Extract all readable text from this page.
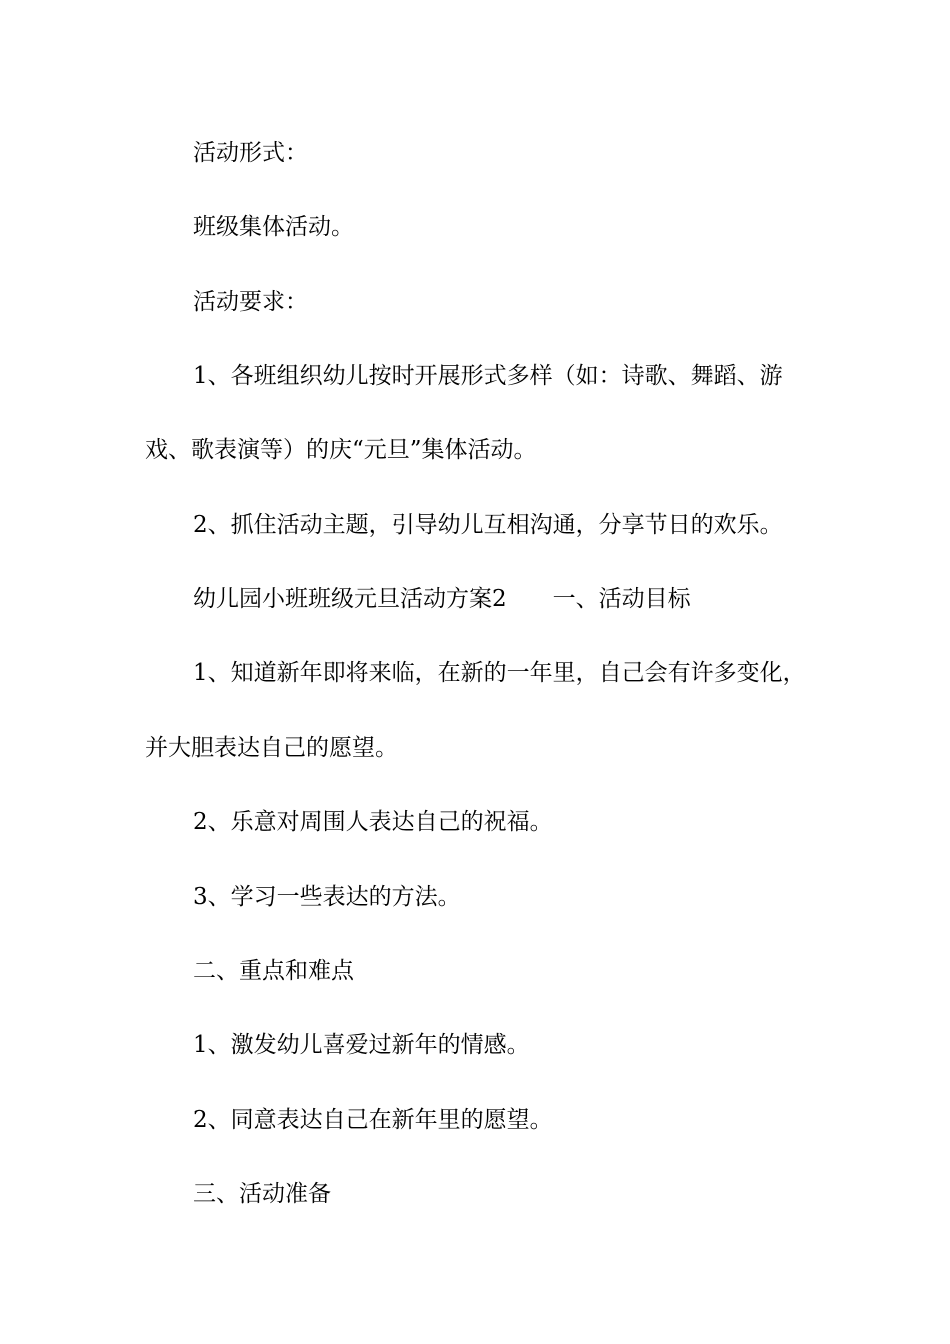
活动形式：
班级集体活动。
活动要求：
1、各班组织幼儿按时开展形式多样（如：诗歌、舞蹈、游
戏、歌表演等）的庆“元旦”集体活动。
2、抓住活动主题，引导幼儿互相沟通，分享节日的欢乐。
幼儿园小班班级元旦活动方案2 一、活动目标
1、知道新年即将来临，在新的一年里，自己会有许多变化，
并大胆表达自己的愿望。
2、乐意对周围人表达自己的祝福。
3、学习一些表达的方法。
二、重点和难点
1、激发幼儿喜爱过新年的情感。
2、同意表达自己在新年里的愿望。
三、活动准备
